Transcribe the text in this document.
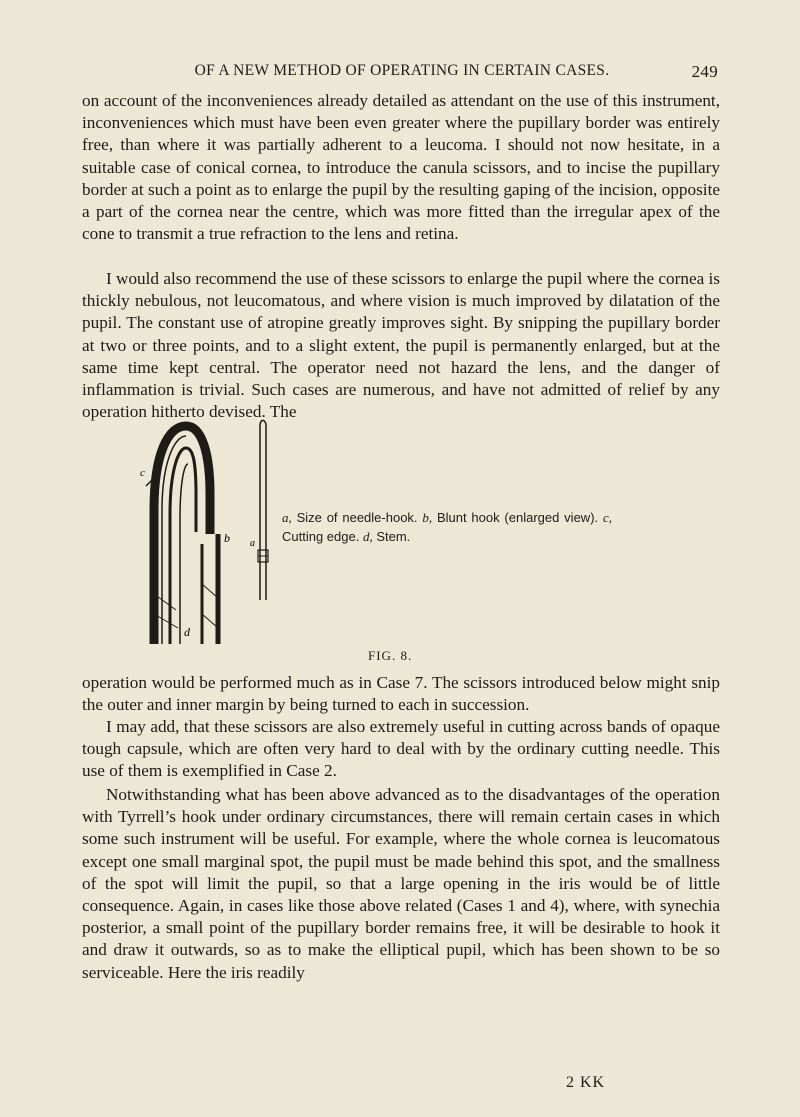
OF A NEW METHOD OF OPERATING IN CERTAIN CASES.	249

on account of the inconveniences already detailed as attendant on the use of this instrument, inconveniences which must have been even greater where the pupillary border was entirely free, than where it was partially adherent to a leucoma. I should not now hesitate, in a suitable case of conical cornea, to introduce the canula scissors, and to incise the pupillary border at such a point as to enlarge the pupil by the resulting gaping of the incision, opposite a part of the cornea near the centre, which was more fitted than the irregular apex of the cone to transmit a true refraction to the lens and retina.

I would also recommend the use of these scissors to enlarge the pupil where the cornea is thickly nebulous, not leucomatous, and where vision is much improved by dilatation of the pupil. The constant use of atropine greatly improves sight. By snipping the pupillary border at two or three points, and to a slight extent, the pupil is permanently enlarged, but at the same time kept central. The operator need not hazard the lens, and the danger of inflammation is trivial. Such cases are numerous, and have not admitted of relief by any operation hitherto devised. The

c
b a
d
a, Size of needle-hook. b, Blunt hook (enlarged view). c, Cutting edge. d, Stem.
FIG. 8.

operation would be performed much as in Case 7. The scissors introduced below might snip the outer and inner margin by being turned to each in succession.

I may add, that these scissors are also extremely useful in cutting across bands of opaque tough capsule, which are often very hard to deal with by the ordinary cutting needle. This use of them is exemplified in Case 2.

Notwithstanding what has been above advanced as to the disadvantages of the operation with Tyrrell’s hook under ordinary circumstances, there will remain certain cases in which some such instrument will be useful. For example, where the whole cornea is leucomatous except one small marginal spot, the pupil must be made behind this spot, and the smallness of the spot will limit the pupil, so that a large opening in the iris would be of little consequence. Again, in cases like those above related (Cases 1 and 4), where, with synechia posterior, a small point of the pupillary border remains free, it will be desirable to hook it and draw it outwards, so as to make the elliptical pupil, which has been shown to be so serviceable. Here the iris readily

2 KK
